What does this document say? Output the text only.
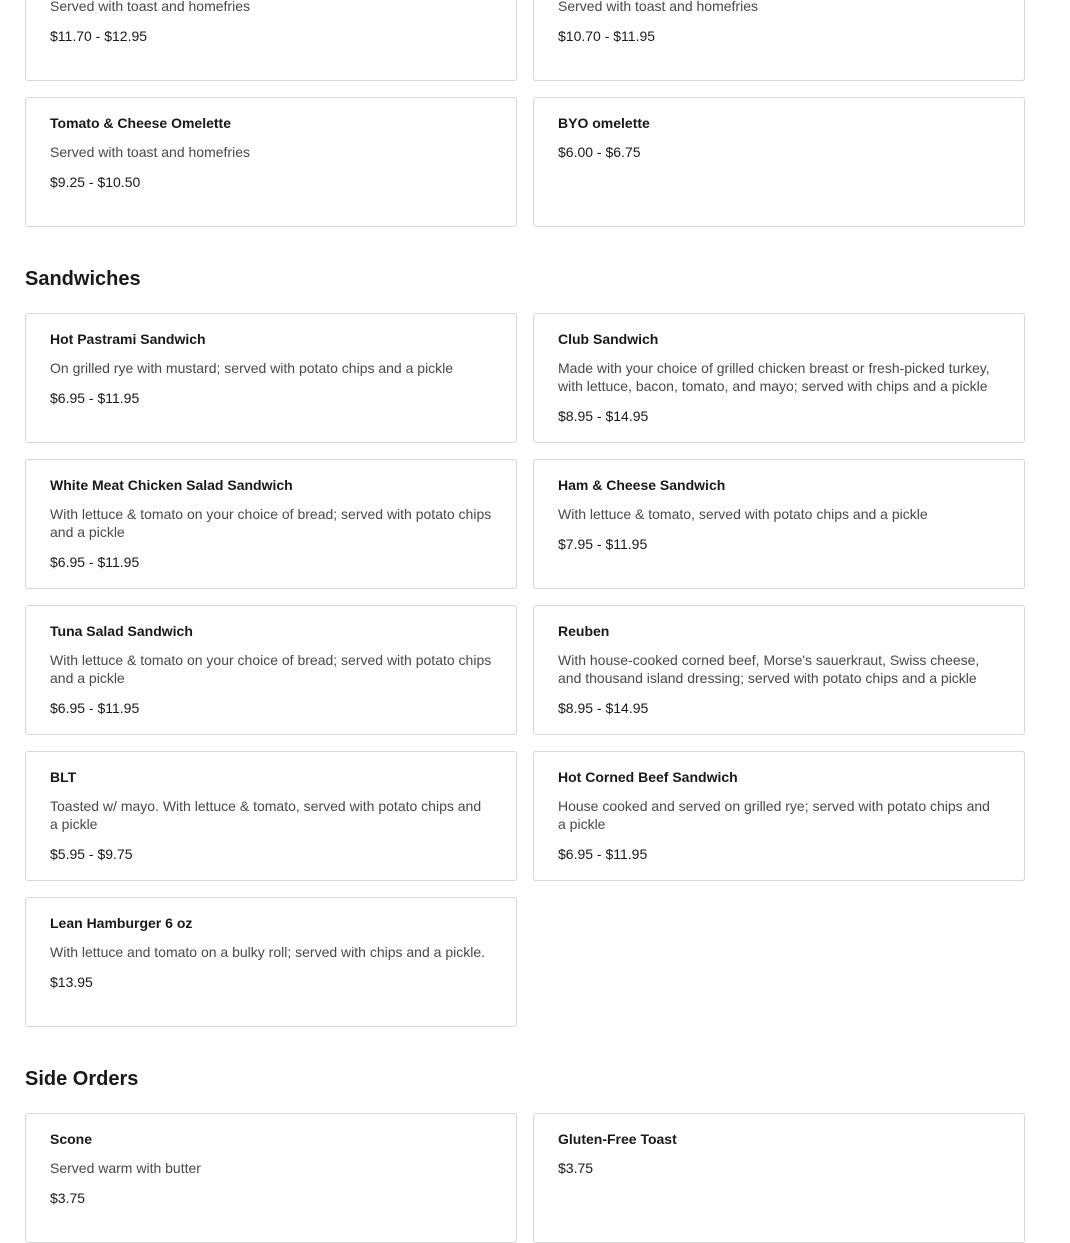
Served with toast and homefries
$11.70 - $12.95
Served with toast and homefries
$10.70 - $11.95
Tomato & Cheese Omelette
Served with toast and homefries
$9.25 - $10.50
BYO omelette
$6.00 - $6.75
Sandwiches
Hot Pastrami Sandwich
On grilled rye with mustard; served with potato chips and a pickle
$6.95 - $11.95
Club Sandwich
Made with your choice of grilled chicken breast or fresh-picked turkey, with lettuce, bacon, tomato, and mayo; served with chips and a pickle
$8.95 - $14.95
White Meat Chicken Salad Sandwich
With lettuce & tomato on your choice of bread; served with potato chips and a pickle
$6.95 - $11.95
Ham & Cheese Sandwich
With lettuce & tomato, served with potato chips and a pickle
$7.95 - $11.95
Tuna Salad Sandwich
With lettuce & tomato on your choice of bread; served with potato chips and a pickle
$6.95 - $11.95
Reuben
With house-cooked corned beef, Morse's sauerkraut, Swiss cheese, and thousand island dressing; served with potato chips and a pickle
$8.95 - $14.95
BLT
Toasted w/ mayo. With lettuce & tomato, served with potato chips and a pickle
$5.95 - $9.75
Hot Corned Beef Sandwich
House cooked and served on grilled rye; served with potato chips and a pickle
$6.95 - $11.95
Lean Hamburger 6 oz
With lettuce and tomato on a bulky roll; served with chips and a pickle.
$13.95
Side Orders
Scone
Served warm with butter
$3.75
Gluten-Free Toast
$3.75
